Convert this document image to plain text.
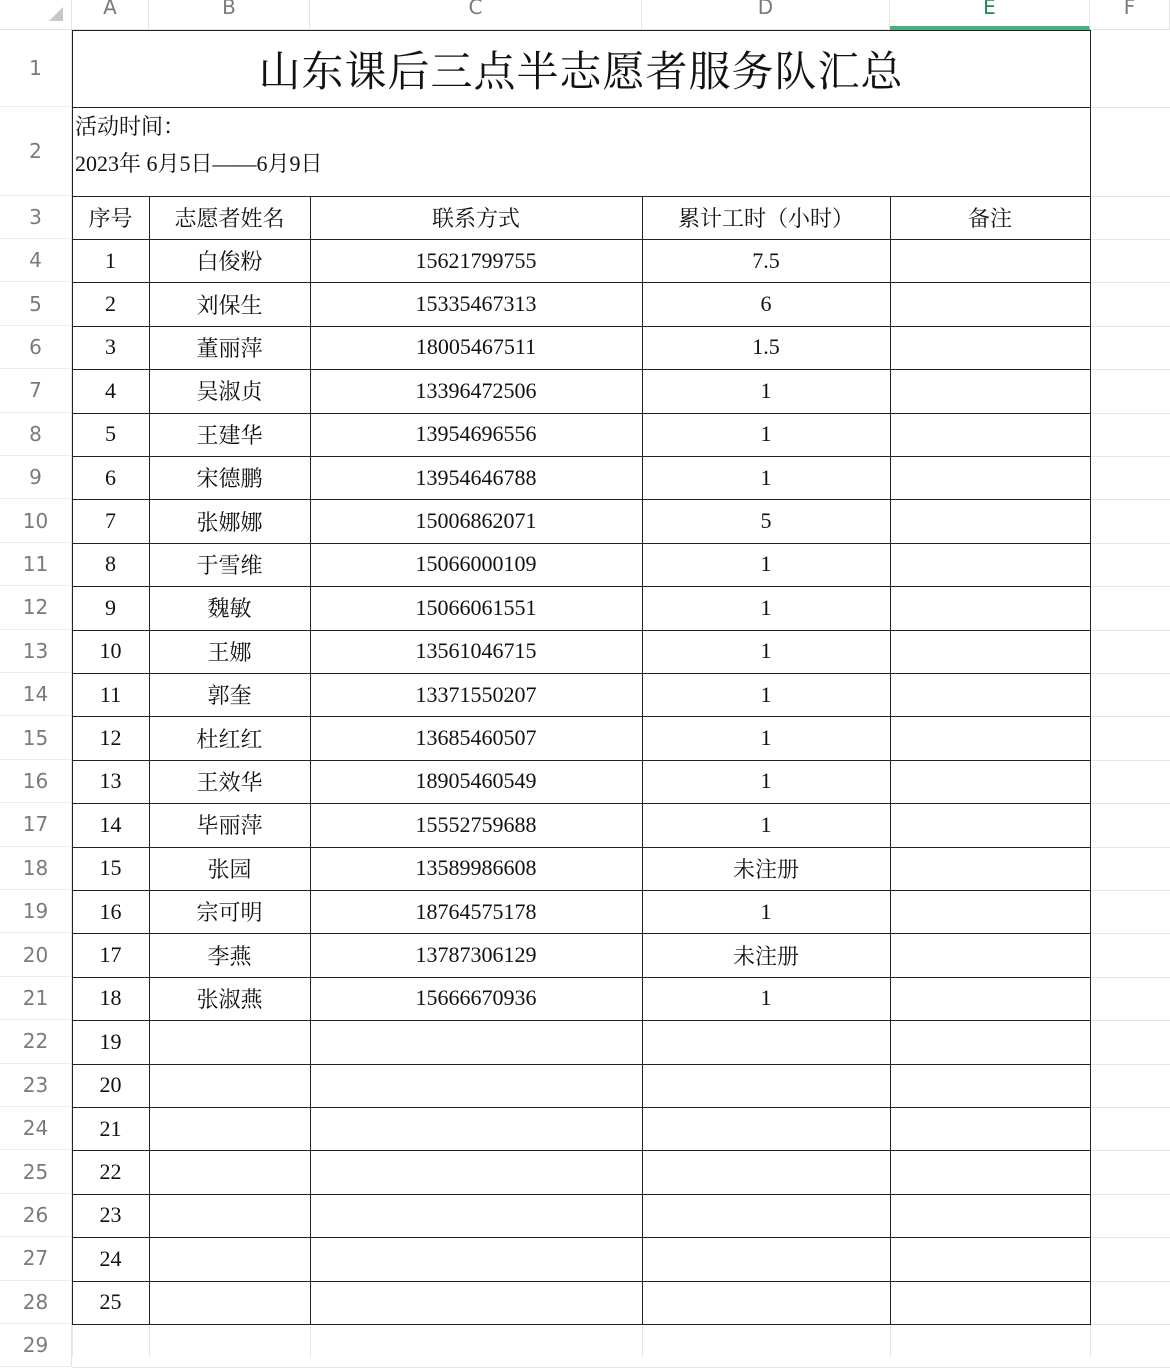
A	B	C	D	E	F
1
2
3
4
5
6
7
8
9
10
11
12
13
14
15
16
17
18
19
20
21
22
23
24
25
26
27
28
29
山东课后三点半志愿者服务队汇总
活动时间：
2023年 6月5日——6月9日
序号	志愿者姓名	联系方式	累计工时（小时）	备注
1	白俊粉	15621799755	7.5
2	刘保生	15335467313	6
3	董丽萍	18005467511	1.5
4	吴淑贞	13396472506	1
5	王建华	13954696556	1
6	宋德鹏	13954646788	1
7	张娜娜	15006862071	5
8	于雪维	15066000109	1
9	魏敏	15066061551	1
10	王娜	13561046715	1
11	郭奎	13371550207	1
12	杜红红	13685460507	1
13	王效华	18905460549	1
14	毕丽萍	15552759688	1
15	张园	13589986608	未注册
16	宗可明	18764575178	1
17	李燕	13787306129	未注册
18	张淑燕	15666670936	1
19
20
21
22
23
24
25
